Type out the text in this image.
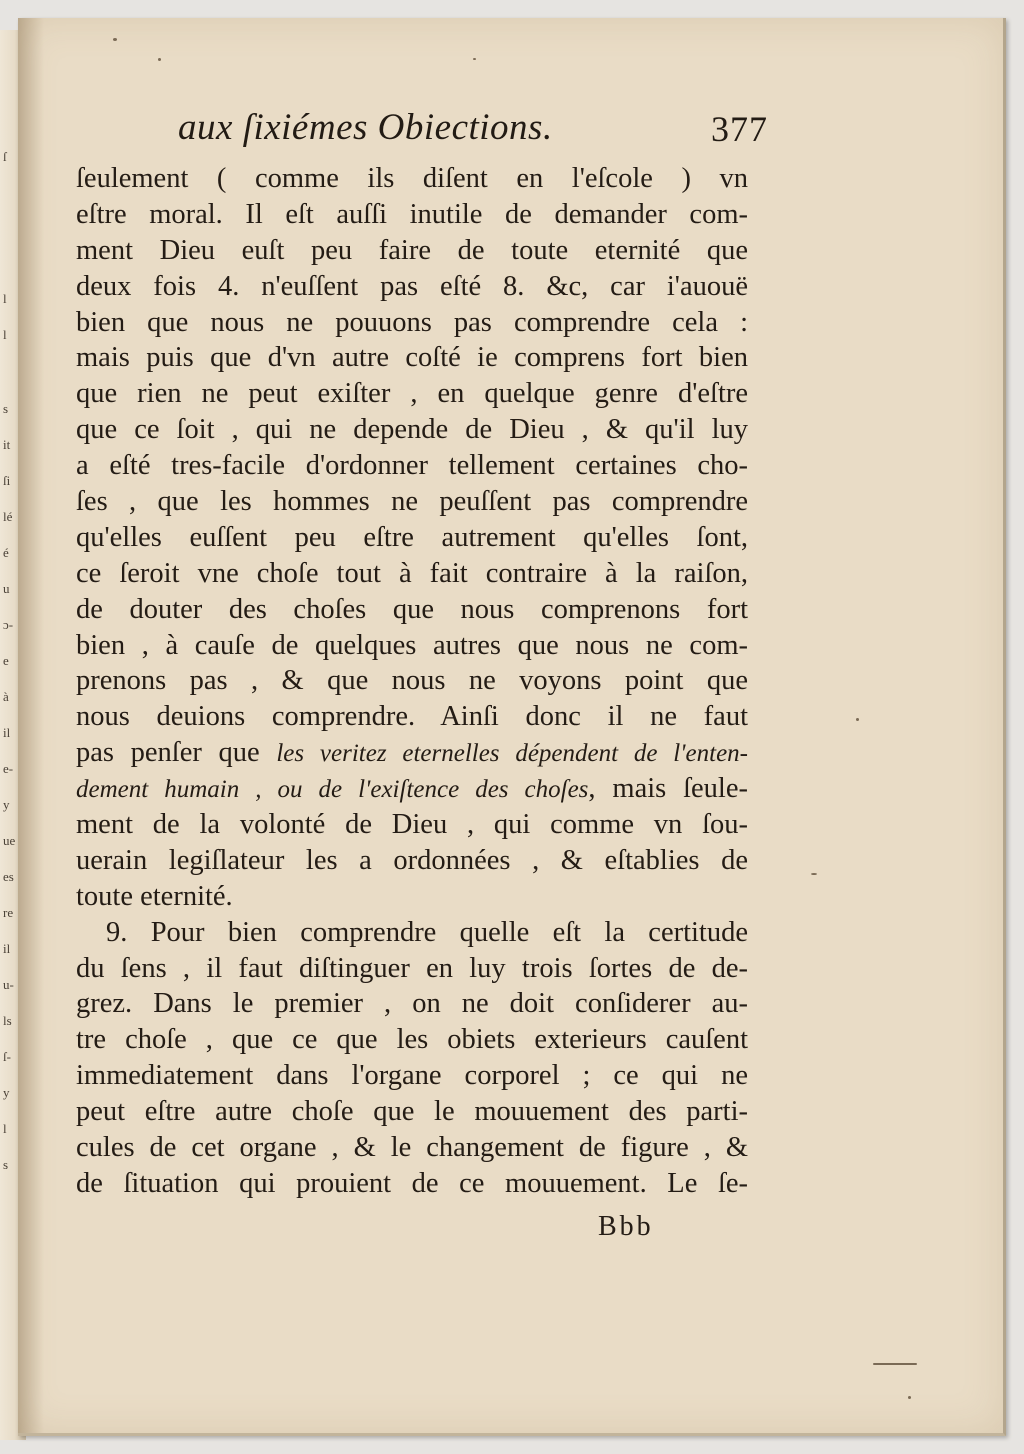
ſ
l
l
s
it
ſi
lé
é
u
ɔ-
e
à
il
e-
y
ue
es
re
il
u-
ls
ſ-
y
l
s
aux ſixiémes Obiections.	377
ſeulement ( comme ils diſent en l'eſcole ) vn
eſtre moral. Il eſt auſſi inutile de demander com-
ment Dieu euſt peu faire de toute eternité que
deux fois 4. n'euſſent pas eſté 8. &c, car i'auouë
bien que nous ne pouuons pas comprendre cela :
mais puis que d'vn autre coſté ie comprens fort bien
que rien ne peut exiſter , en quelque genre d'eſtre
que ce ſoit , qui ne depende de Dieu , & qu'il luy
a eſté tres-facile d'ordonner tellement certaines cho-
ſes , que les hommes ne peuſſent pas comprendre
qu'elles euſſent peu eſtre autrement qu'elles ſont,
ce ſeroit vne choſe tout à fait contraire à la raiſon,
de douter des choſes que nous comprenons fort
bien , à cauſe de quelques autres que nous ne com-
prenons pas , & que nous ne voyons point que
nous deuions comprendre. Ainſi donc il ne faut
pas penſer que les veritez eternelles dépendent de l'enten-
dement humain , ou de l'exiſtence des choſes, mais ſeule-
ment de la volonté de Dieu , qui comme vn ſou-
uerain legiſlateur les a ordonnées , & eſtablies de
toute eternité.
9. Pour bien comprendre quelle eſt la certitude
du ſens , il faut diſtinguer en luy trois ſortes de de-
grez. Dans le premier , on ne doit conſiderer au-
tre choſe , que ce que les obiets exterieurs cauſent
immediatement dans l'organe corporel ; ce qui ne
peut eſtre autre choſe que le mouuement des parti-
cules de cet organe , & le changement de figure , &
de ſituation qui prouient de ce mouuement. Le ſe-
Bbb
